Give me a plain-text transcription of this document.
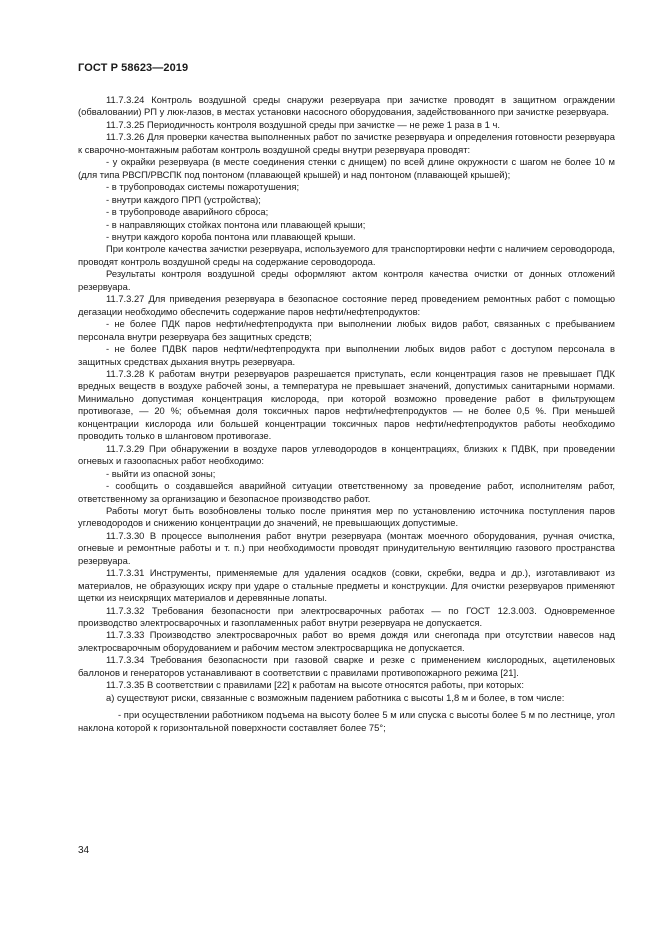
ГОСТ Р 58623—2019

11.7.3.24 Контроль воздушной среды снаружи резервуара при зачистке проводят в защитном ограждении (обваловании) РП у люк-лазов, в местах установки насосного оборудования, задействованного при зачистке резервуара.

11.7.3.25 Периодичность контроля воздушной среды при зачистке — не реже 1 раза в 1 ч.

11.7.3.26 Для проверки качества выполненных работ по зачистке резервуара и определения готовности резервуара к сварочно-монтажным работам контроль воздушной среды внутри резервуара проводят:

- у окрайки резервуара (в месте соединения стенки с днищем) по всей длине окружности с шагом не более 10 м (для типа РВСП/РВСПК под понтоном (плавающей крышей) и над понтоном (плавающей крышей);

- в трубопроводах системы пожаротушения;

- внутри каждого ПРП (устройства);

- в трубопроводе аварийного сброса;

- в направляющих стойках понтона или плавающей крыши;

- внутри каждого короба понтона или плавающей крыши.

При контроле качества зачистки резервуара, используемого для транспортировки нефти с наличием сероводорода, проводят контроль воздушной среды на содержание сероводорода.

Результаты контроля воздушной среды оформляют актом контроля качества очистки от донных отложений резервуара.

11.7.3.27 Для приведения резервуара в безопасное состояние перед проведением ремонтных работ с помощью дегазации необходимо обеспечить содержание паров нефти/нефтепродуктов:

- не более ПДК паров нефти/нефтепродукта при выполнении любых видов работ, связанных с пребыванием персонала внутри резервуара без защитных средств;

- не более ПДВК паров нефти/нефтепродукта при выполнении любых видов работ с доступом персонала в защитных средствах дыхания внутрь резервуара.

11.7.3.28 К работам внутри резервуаров разрешается приступать, если концентрация газов не превышает ПДК вредных веществ в воздухе рабочей зоны, а температура не превышает значений, допустимых санитарными нормами. Минимально допустимая концентрация кислорода, при которой возможно проведение работ в фильтрующем противогазе, — 20 %; объемная доля токсичных паров нефти/нефтепродуктов — не более 0,5 %. При меньшей концентрации кислорода или большей концентрации токсичных паров нефти/нефтепродуктов работы необходимо проводить только в шланговом противогазе.

11.7.3.29 При обнаружении в воздухе паров углеводородов в концентрациях, близких к ПДВК, при проведении огневых и газоопасных работ необходимо:

- выйти из опасной зоны;

- сообщить о создавшейся аварийной ситуации ответственному за проведение работ, исполнителям работ, ответственному за организацию и безопасное производство работ.

Работы могут быть возобновлены только после принятия мер по установлению источника поступления паров углеводородов и снижению концентрации до значений, не превышающих допустимые.

11.7.3.30 В процессе выполнения работ внутри резервуара (монтаж моечного оборудования, ручная очистка, огневые и ремонтные работы и т. п.) при необходимости проводят принудительную вентиляцию газового пространства резервуара.

11.7.3.31 Инструменты, применяемые для удаления осадков (совки, скребки, ведра и др.), изготавливают из материалов, не образующих искру при ударе о стальные предметы и конструкции. Для очистки резервуаров применяют щетки из неискрящих материалов и деревянные лопаты.

11.7.3.32 Требования безопасности при электросварочных работах — по ГОСТ 12.3.003. Одновременное производство электросварочных и газопламенных работ внутри резервуара не допускается.

11.7.3.33 Производство электросварочных работ во время дождя или снегопада при отсутствии навесов над электросварочным оборудованием и рабочим местом электросварщика не допускается.

11.7.3.34 Требования безопасности при газовой сварке и резке с применением кислородных, ацетиленовых баллонов и генераторов устанавливают в соответствии с правилами противопожарного режима [21].

11.7.3.35 В соответствии с правилами [22] к работам на высоте относятся работы, при которых:

а) существуют риски, связанные с возможным падением работника с высоты 1,8 м и более, в том числе:

- при осуществлении работником подъема на высоту более 5 м или спуска с высоты более 5 м по лестнице, угол наклона которой к горизонтальной поверхности составляет более 75°;

34
